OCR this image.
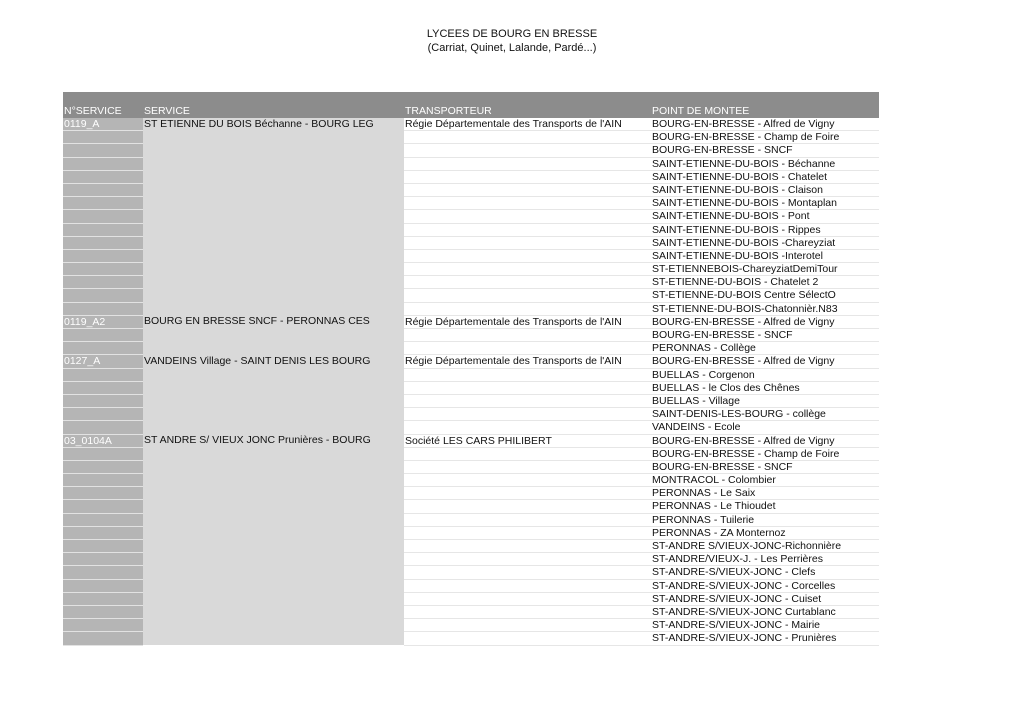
LYCEES DE BOURG EN BRESSE
(Carriat, Quinet, Lalande, Pardé...)
N°SERVICE	SERVICE	TRANSPORTEUR	POINT DE MONTEE
0119_A	ST ETIENNE DU BOIS Béchanne - BOURG LEG	Régie Départementale des Transports de l'AIN	BOURG-EN-BRESSE - Alfred de Vigny
			BOURG-EN-BRESSE - Champ de Foire
			BOURG-EN-BRESSE - SNCF
			SAINT-ETIENNE-DU-BOIS - Béchanne
			SAINT-ETIENNE-DU-BOIS - Chatelet
			SAINT-ETIENNE-DU-BOIS - Claison
			SAINT-ETIENNE-DU-BOIS - Montaplan
			SAINT-ETIENNE-DU-BOIS - Pont
			SAINT-ETIENNE-DU-BOIS - Rippes
			SAINT-ETIENNE-DU-BOIS -Chareyziat
			SAINT-ETIENNE-DU-BOIS -Interotel
			ST-ETIENNEBOIS-ChareyziatDemiTour
			ST-ETIENNE-DU-BOIS - Chatelet 2
			ST-ETIENNE-DU-BOIS Centre SélectO
			ST-ETIENNE-DU-BOIS-Chatonnièr.N83
0119_A2	BOURG EN BRESSE SNCF - PERONNAS CES	Régie Départementale des Transports de l'AIN	BOURG-EN-BRESSE - Alfred de Vigny
			BOURG-EN-BRESSE - SNCF
			PERONNAS - Collège
0127_A	VANDEINS Village - SAINT DENIS LES BOURG	Régie Départementale des Transports de l'AIN	BOURG-EN-BRESSE - Alfred de Vigny
			BUELLAS - Corgenon
			BUELLAS - le Clos des Chênes
			BUELLAS - Village
			SAINT-DENIS-LES-BOURG - collège
			VANDEINS - Ecole
03_0104A	ST ANDRE S/ VIEUX JONC Prunières - BOURG	Société LES CARS PHILIBERT	BOURG-EN-BRESSE - Alfred de Vigny
			BOURG-EN-BRESSE - Champ de Foire
			BOURG-EN-BRESSE - SNCF
			MONTRACOL - Colombier
			PERONNAS - Le Saix
			PERONNAS - Le Thioudet
			PERONNAS - Tuilerie
			PERONNAS - ZA Monternoz
			ST-ANDRE S/VIEUX-JONC-Richonnière
			ST-ANDRE/VIEUX-J. - Les Perrières
			ST-ANDRE-S/VIEUX-JONC - Clefs
			ST-ANDRE-S/VIEUX-JONC - Corcelles
			ST-ANDRE-S/VIEUX-JONC - Cuiset
			ST-ANDRE-S/VIEUX-JONC Curtablanc
			ST-ANDRE-S/VIEUX-JONC - Mairie
			ST-ANDRE-S/VIEUX-JONC - Prunières
